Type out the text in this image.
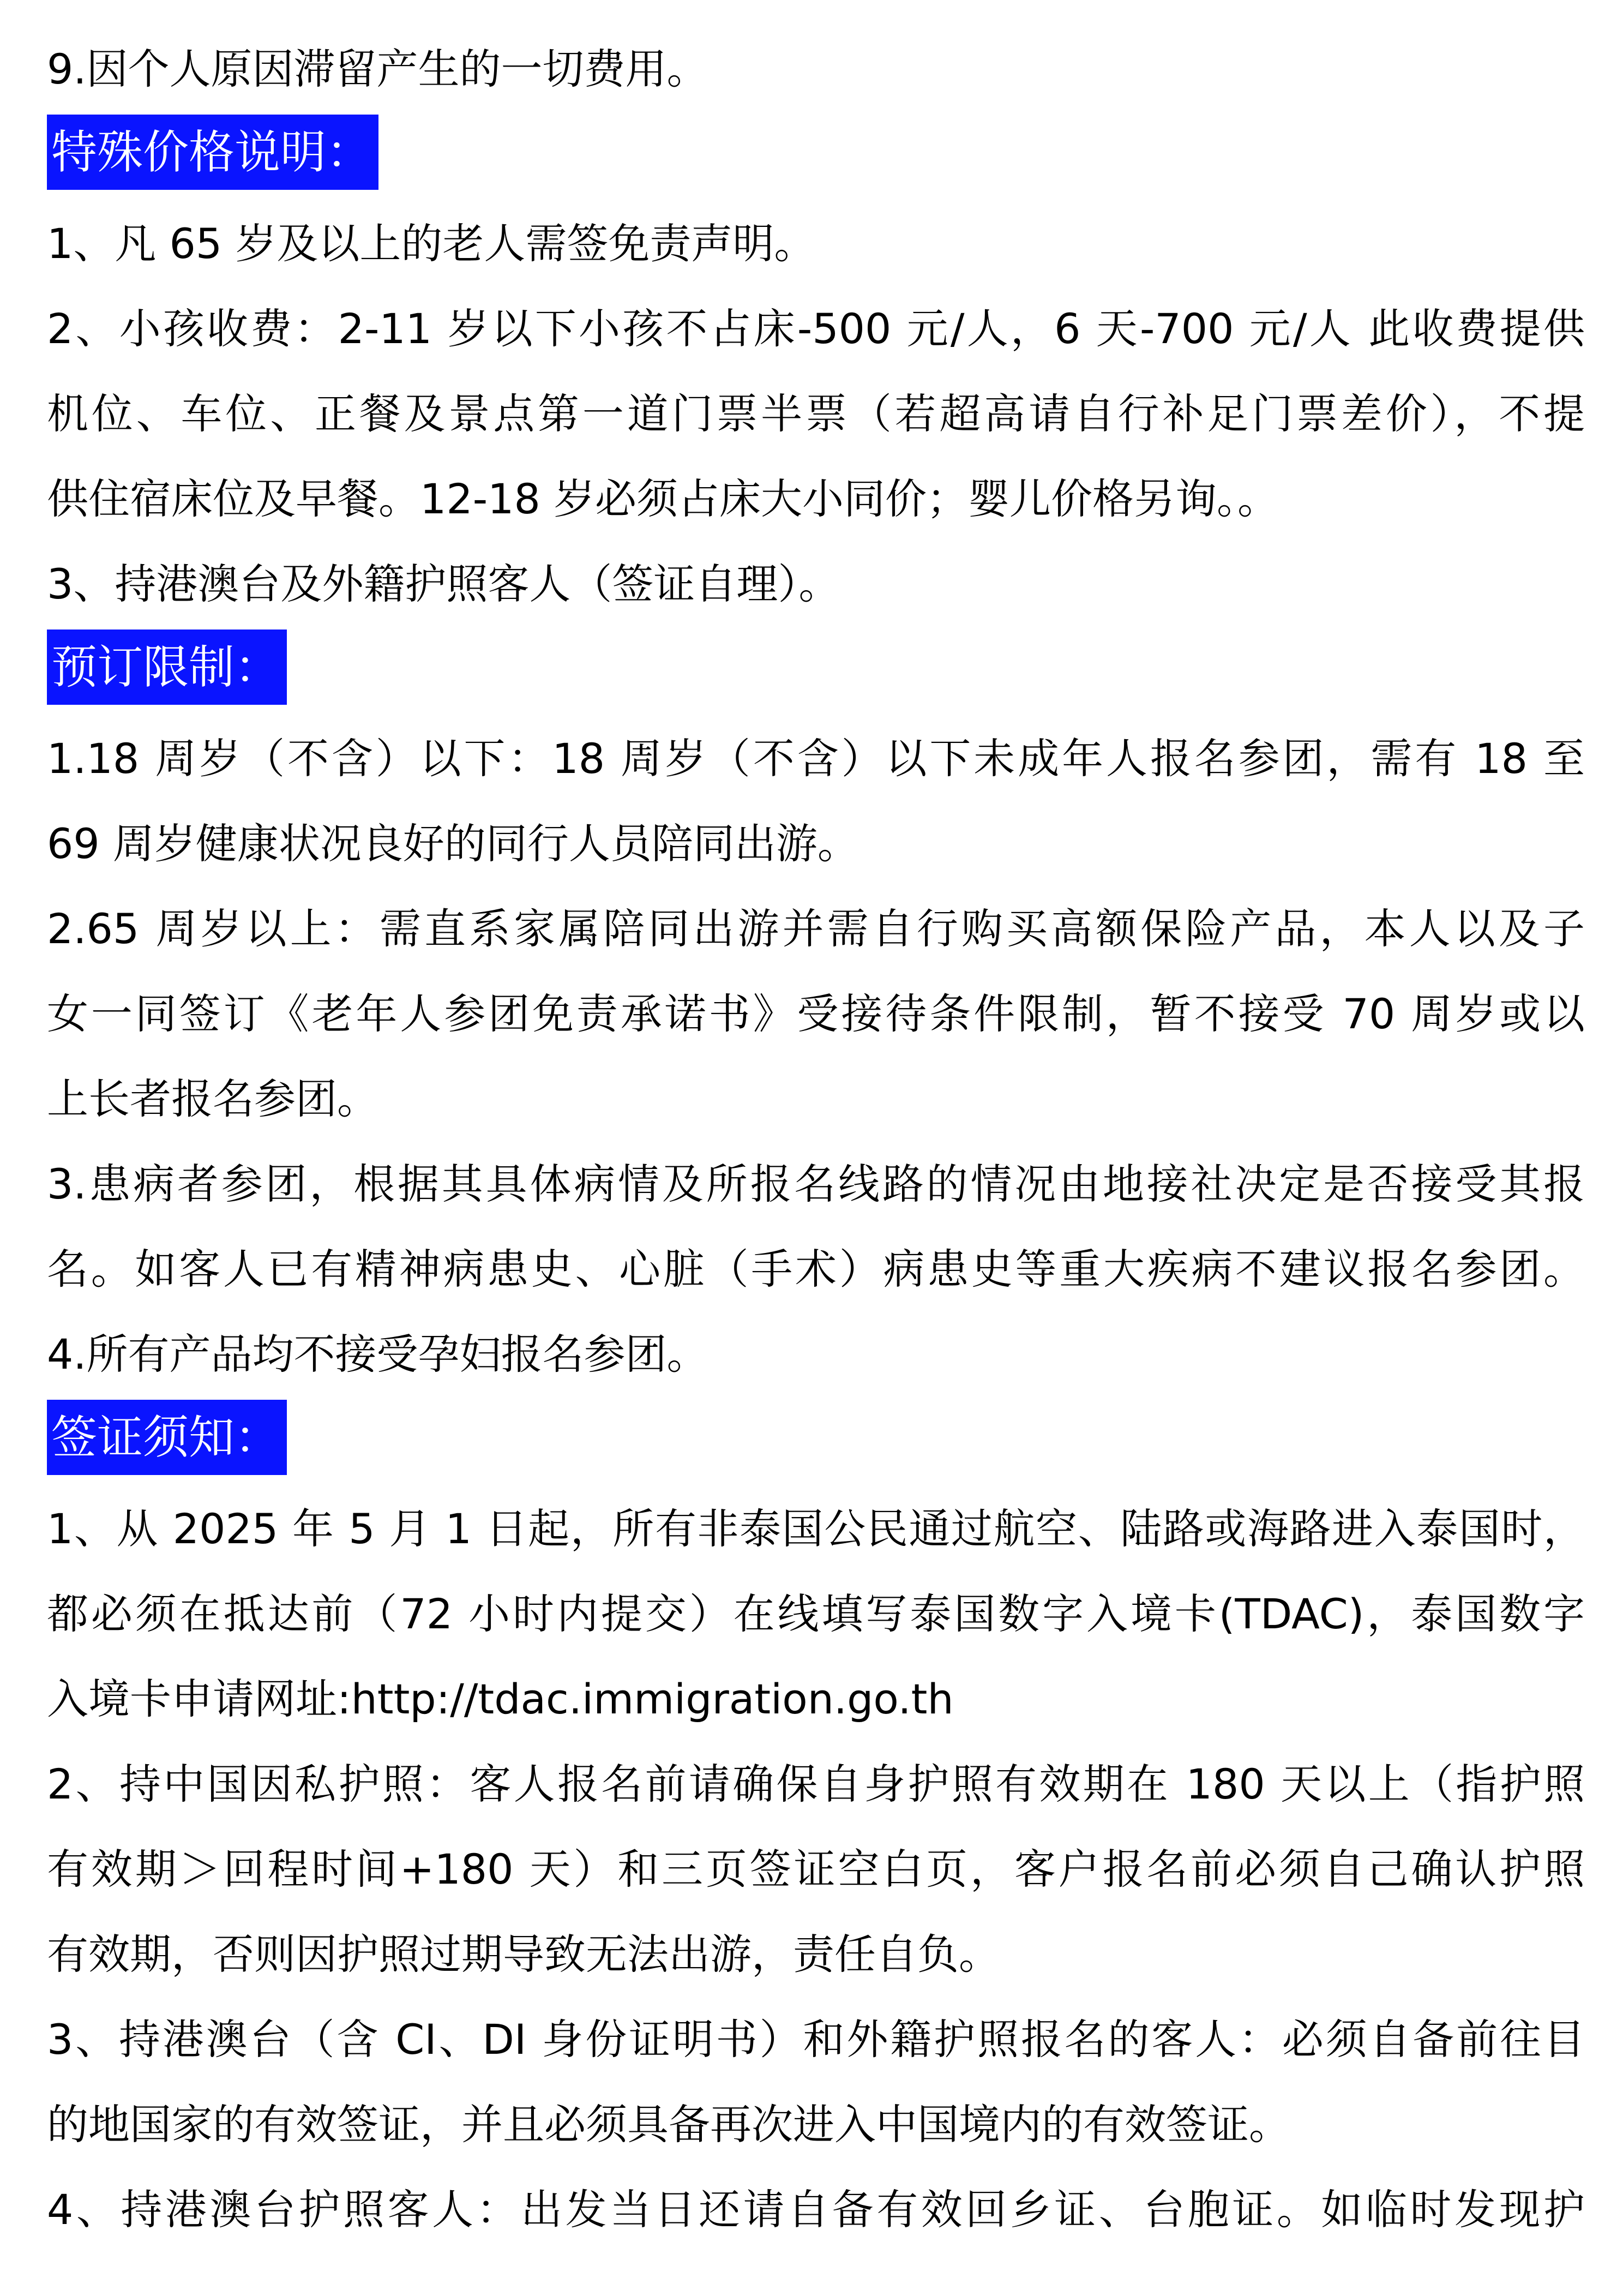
9.因个人原因滞留产生的一切费用。
特殊价格说明：
1、凡 65 岁及以上的老人需签免责声明。
2、小孩收费：2-11 岁以下小孩不占床-500 元/人，6 天-700 元/人 此收费提供
机位、车位、正餐及景点第一道门票半票（若超高请自行补足门票差价），不提
供住宿床位及早餐。12-18 岁必须占床大小同价；婴儿价格另询。。
3、持港澳台及外籍护照客人（签证自理）。
预订限制：
1.18 周岁（不含）以下：18 周岁（不含）以下未成年人报名参团，需有 18 至
69 周岁健康状况良好的同行人员陪同出游。
2.65 周岁以上：需直系家属陪同出游并需自行购买高额保险产品，本人以及子
女一同签订《老年人参团免责承诺书》受接待条件限制，暂不接受 70 周岁或以
上长者报名参团。
3.患病者参团，根据其具体病情及所报名线路的情况由地接社决定是否接受其报
名。如客人已有精神病患史、心脏（手术）病患史等重大疾病不建议报名参团。
4.所有产品均不接受孕妇报名参团。
签证须知：
1、从 2025 年 5 月 1 日起，所有非泰国公民通过航空、陆路或海路进入泰国时，
都必须在抵达前（72 小时内提交）在线填写泰国数字入境卡(TDAC)，泰国数字
入境卡申请网址:http://tdac.immigration.go.th
2、持中国因私护照：客人报名前请确保自身护照有效期在 180 天以上（指护照
有效期＞回程时间+180 天）和三页签证空白页，客户报名前必须自己确认护照
有效期，否则因护照过期导致无法出游，责任自负。
3、持港澳台（含 CI、DI 身份证明书）和外籍护照报名的客人：必须自备前往目
的地国家的有效签证，并且必须具备再次进入中国境内的有效签证。
4、持港澳台护照客人：出发当日还请自备有效回乡证、台胞证。如临时发现护
